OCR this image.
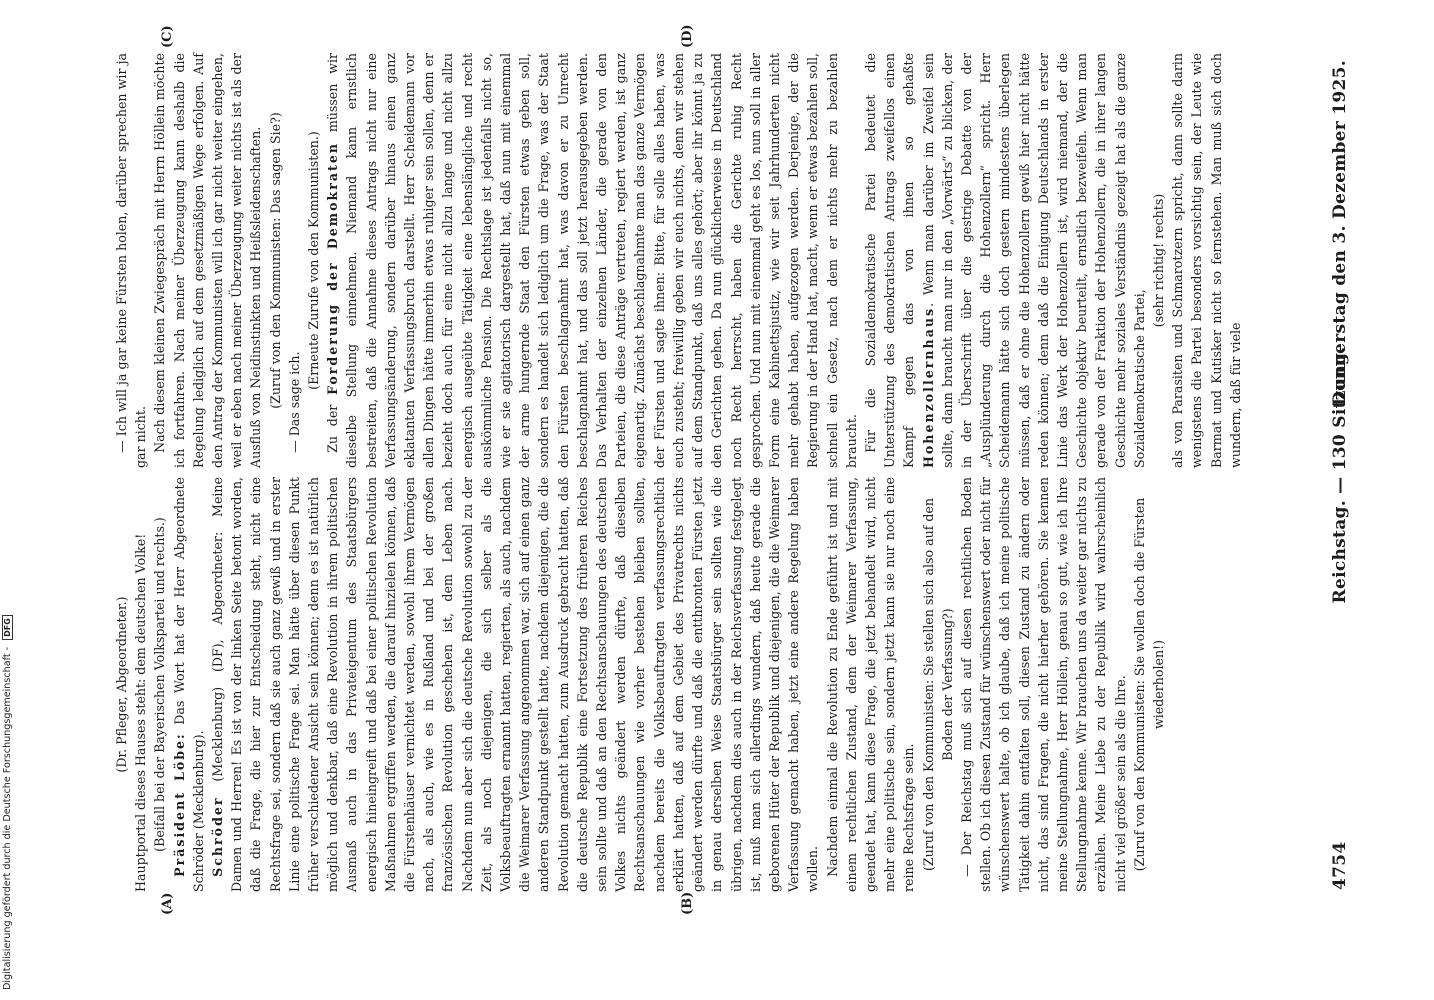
4754
Reichstag. — 130 Sitzung.
Donnerstag den 3. Dezember 1925.
(A)	(B)
(C)	(D)

(Dr. Pfleger, Abgeordneter.) Hauptportal dieses Hauses steht: dem deutschen Volke! (Beifall bei der Bayerischen Volkspartei und rechts.) Präsident Löbe: Das Wort hat der Herr Abgeordnete Schröder (Mecklenburg). Schröder (Mecklenburg) (DF), Abgeordneter: Meine Damen und Herren! Es ist von der linken Seite betont worden, daß die Frage, die hier zur Entscheidung steht, nicht eine Rechtsfrage sei, sondern daß sie auch ganz gewiß und in erster Linie eine politische Frage sei. Man hätte über diesen Punkt früher verschiedener Ansicht sein können; denn es ist natürlich möglich und denkbar, daß eine Revolution in ihrem politischen Ausmaß auch in das Privateigentum des Staatsbürgers energisch hineingreift und daß bei einer politischen Revolution Maßnahmen ergriffen werden, die darauf hinzielen können, daß die Fürstenhäuser vernichtet werden, sowohl ihrem Vermögen nach, als auch, wie es in Rußland und bei der großen französischen Revolution geschehen ist, dem Leben nach. Nachdem nun aber sich die deutsche Revolution sowohl zu der Zeit, als noch diejenigen, die sich selber als die Volksbeauftragten ernannt hatten, regierten, als auch, nachdem die Weimarer Verfassung angenommen war, sich auf einen ganz anderen Standpunkt gestellt hatte, nachdem diejenigen, die die Revolution gemacht hatten, zum Ausdruck gebracht hatten, daß die deutsche Republik eine Fortsetzung des früheren Reiches sein sollte und daß an den Rechtsanschauungen des deutschen Volkes nichts geändert werden dürfte, daß dieselben Rechtsanschauungen wie vorher bestehen bleiben sollten, nachdem bereits die Volksbeauftragten verfassungsrechtlich erklärt hatten, daß auf dem Gebiet des Privatrechts nichts geändert werden dürfte und daß die entthronten Fürsten jetzt in genau derselben Weise Staatsbürger sein sollten wie die übrigen, nachdem dies auch in der Reichsverfassung festgelegt ist, muß man sich allerdings wundern, daß heute gerade die geborenen Hüter der Republik und diejenigen, die die Weimarer Verfassung gemacht haben, jetzt eine andere Regelung haben wollen. Nachdem einmal die Revolution zu Ende geführt ist und mit einem rechtlichen Zustand, dem der Weimarer Verfassung, geendet hat, kann diese Frage, die jetzt behandelt wird, nicht mehr eine politische sein, sondern jetzt kann sie nur noch eine reine Rechtsfrage sein. (Zuruf von den Kommunisten: Sie stellen sich also auf den Boden der Verfassung?) — Der Reichstag muß sich auf diesen rechtlichen Boden stellen. Ob ich diesen Zustand für wünschenswert oder nicht für wünschenswert halte, ob ich glaube, daß ich meine politische Tätigkeit dahin entfalten soll, diesen Zustand zu ändern oder nicht, das sind Fragen, die nicht hierher gehören. Sie kennen meine Stellungnahme, Herr Höllein, genau so gut, wie ich Ihre Stellungnahme kenne. Wir brauchen uns da weiter gar nichts zu erzählen. Meine Liebe zu der Republik wird wahrscheinlich nicht viel größer sein als die Ihre. (Zuruf von den Kommunisten: Sie wollen doch die Fürsten wiederholen!)

— Ich will ja gar keine Fürsten holen, darüber sprechen wir ja gar nicht. Nach diesem kleinen Zwiegespräch mit Herrn Höllein möchte ich fortfahren. Nach meiner Überzeugung kann deshalb die Regelung lediglich auf dem gesetzmäßigen Wege erfolgen. Auf den Antrag der Kommunisten will ich gar nicht weiter eingehen, weil er eben nach meiner Überzeugung weiter nichts ist als der Ausfluß von Neidinstinkten und Heißsleidenschaften. (Zuruf von den Kommunisten: Das sagen Sie?) — Das sage ich.

(Erneute Zurufe von den Kommunisten.)

Zu der Forderung der Demokraten müssen wir dieselbe Stellung einnehmen. Niemand kann ernstlich bestreiten, daß die Annahme dieses Antrags nicht nur eine Verfassungsänderung, sondern darüber hinaus einen ganz eklatanten Verfassungsbruch darstellt. Herr Scheidemann vor allen Dingen hätte immerhin etwas ruhiger sein sollen, denn er bezieht doch auch für eine nicht allzu lange und nicht allzu energisch ausgeübte Tätigkeit eine lebenslängliche und recht auskömmliche Pension. Die Rechtslage ist jedenfalls nicht so, wie er sie agitatorisch dargestellt hat, daß nun mit einemmal der arme hungernde Staat den Fürsten etwas geben soll, sondern es handelt sich lediglich um die Frage, was der Staat den Fürsten beschlagnahmt hat, was davon er zu Unrecht beschlagnahmt hat, und das soll jetzt herausgegeben werden. Das Verhalten der einzelnen Länder, die gerade von den Parteien, die diese Anträge vertreten, regiert werden, ist ganz eigenartig. Zunächst beschlagnahmte man das ganze Vermögen der Fürsten und sagte ihnen: Bitte, für solle alles haben, was euch zusteht; freiwillig geben wir euch nichts, denn wir stehen auf dem Standpunkt, daß uns alles gehört; aber ihr könnt ja zu den Gerichten gehen. Da nun glücklicherweise in Deutschland noch Recht herrscht, haben die Gerichte ruhig Recht gesprochen. Und nun mit einemmal geht es los, nun soll in aller Form eine Kabinettsjustiz, wie wir seit Jahrhunderten nicht mehr gehabt haben, aufgezogen werden. Derjenige, der die Regierung in der Hand hat, macht, wenn er etwas bezahlen soll, schnell ein Gesetz, nach dem er nichts mehr zu bezahlen braucht. Für die Sozialdemokratische Partei bedeutet die Unterstützung des demokratischen Antrags zweifellos einen Kampf gegen das von ihnen so gehaßte Hohenzollernhaus. Wenn man darüber im Zweifel sein sollte, dann braucht man nur in den „Vorwärts“ zu blicken, der in der Überschrift über die gestrige Debatte von der „Ausplünderung durch die Hohenzollern“ spricht. Herr Scheidemann hätte sich doch gestern mindestens überlegen müssen, daß er ohne die Hohenzollern gewiß hier nicht hätte reden können; denn daß die Einigung Deutschlands in erster Linie das Werk der Hohenzollern ist, wird niemand, der die Geschichte objektiv beurteilt, ernstlich bezweifeln. Wenn man gerade von der Fraktion der Hohenzollern, die in ihrer langen Geschichte mehr soziales Verständnis gezeigt hat als die ganze Sozialdemokratische Partei,

(sehr richtig! rechts) als von Parasiten und Schmarotzern spricht, dann sollte darin wenigstens die Partei besonders vorsichtig sein, der Leute wie Barmat und Kutisker nicht so fernstehen. Man muß sich doch wundern, daß für viele

Digitalisierung gefördert durch die Deutsche Forschungsgemeinschaft - DFG
